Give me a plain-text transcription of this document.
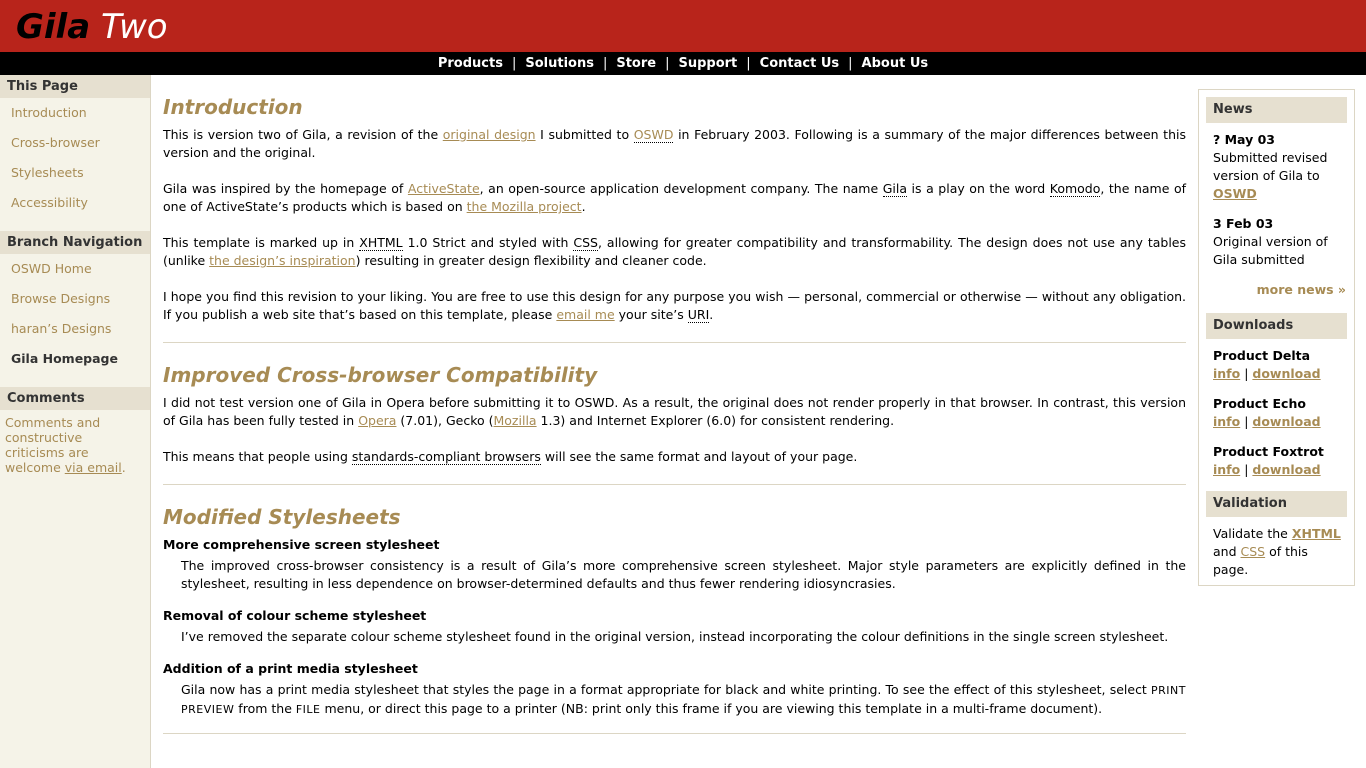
Gila Two
Products | Solutions | Store | Support | Contact Us | About Us
This Page
Introduction
Cross-browser
Stylesheets
Accessibility
Branch Navigation
OSWD Home
Browse Designs
haran’s Designs
Gila Homepage
Comments

Comments and constructive criticisms are welcome via email.

Introduction

This is version two of Gila, a revision of the original design I submitted to OSWD in February 2003. Following is a summary of the major differences between this version and the original.

Gila was inspired by the homepage of ActiveState, an open-source application development company. The name Gila is a play on the word Komodo, the name of one of ActiveState’s products which is based on the Mozilla project.

This template is marked up in XHTML 1.0 Strict and styled with CSS, allowing for greater compatibility and transformability. The design does not use any tables (unlike the design’s inspiration) resulting in greater design flexibility and cleaner code.

I hope you find this revision to your liking. You are free to use this design for any purpose you wish — personal, commercial or otherwise — without any obligation. If you publish a web site that’s based on this template, please email me your site’s URI.

Improved Cross-browser Compatibility

I did not test version one of Gila in Opera before submitting it to OSWD. As a result, the original does not render properly in that browser. In contrast, this version of Gila has been fully tested in Opera (7.01), Gecko (Mozilla 1.3) and Internet Explorer (6.0) for consistent rendering.

This means that people using standards-compliant browsers will see the same format and layout of your page.

Modified Stylesheets
More comprehensive screen stylesheet
The improved cross-browser consistency is a result of Gila’s more comprehensive screen stylesheet. Major style parameters are explicitly defined in the stylesheet, resulting in less dependence on browser-determined defaults and thus fewer rendering idiosyncrasies.
Removal of colour scheme stylesheet
I’ve removed the separate colour scheme stylesheet found in the original version, instead incorporating the colour definitions in the single screen stylesheet.
Addition of a print media stylesheet
Gila now has a print media stylesheet that styles the page in a format appropriate for black and white printing. To see the effect of this stylesheet, select PRINT PREVIEW from the FILE menu, or direct this page to a printer (NB: print only this frame if you are viewing this template in a multi-frame document).
News
? May 03
Submitted revised version of Gila to OSWD
3 Feb 03
Original version of Gila submitted
more news »
Downloads
Product Delta
info | download
Product Echo
info | download
Product Foxtrot
info | download
Validation
Validate the XHTML and CSS of this page.
